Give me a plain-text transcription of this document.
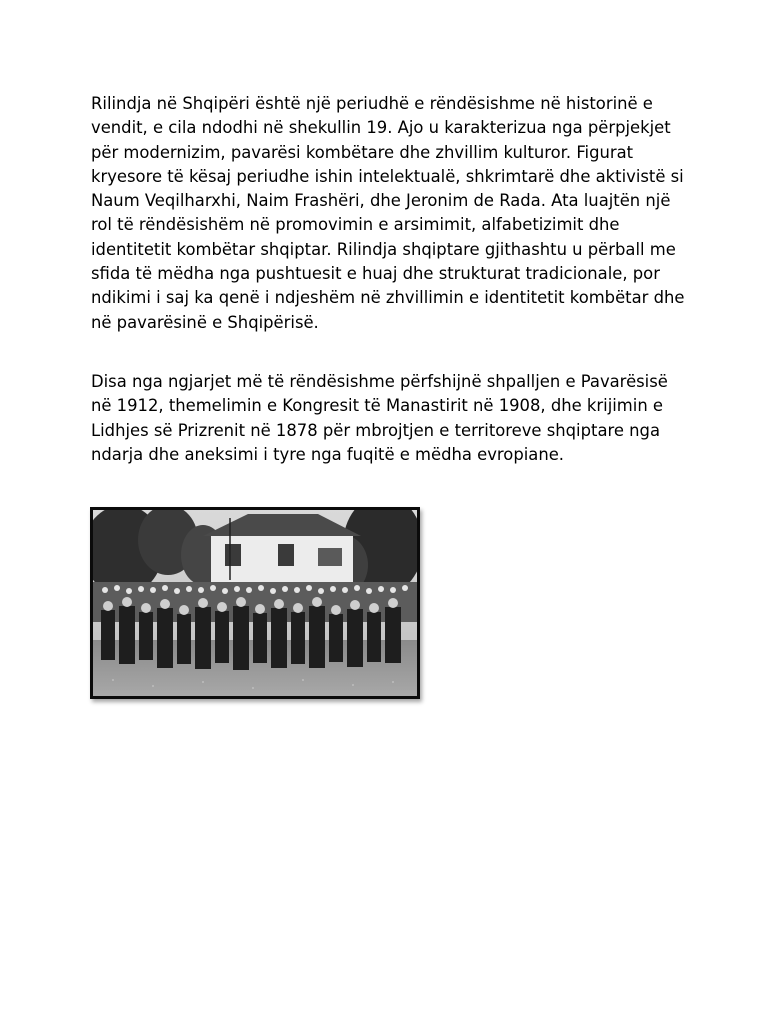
Rilindja në Shqipëri është një periudhë e rëndësishme në historinë e vendit, e cila ndodhi në shekullin 19. Ajo u karakterizua nga përpjekjet për modernizim, pavarësi kombëtare dhe zhvillim kulturor. Figurat kryesore të kësaj periudhe ishin intelektualë, shkrimtarë dhe aktivistë si Naum Veqilharxhi, Naim Frashëri, dhe Jeronim de Rada. Ata luajtën një rol të rëndësishëm në promovimin e arsimimit, alfabetizimit dhe identitetit kombëtar shqiptar. Rilindja shqiptare gjithashtu u përball me sfida të mëdha nga pushtuesit e huaj dhe strukturat tradicionale, por ndikimi i saj ka qenë i ndjeshëm në zhvillimin e identitetit kombëtar dhe në pavarësinë e Shqipërisë.

Disa nga ngjarjet më të rëndësishme përfshijnë shpalljen e Pavarësisë në 1912, themelimin e Kongresit të Manastirit në 1908, dhe krijimin e Lidhjes së Prizrenit në 1878 për mbrojtjen e territoreve shqiptare nga ndarja dhe aneksimi i tyre nga fuqitë e mëdha evropiane.
